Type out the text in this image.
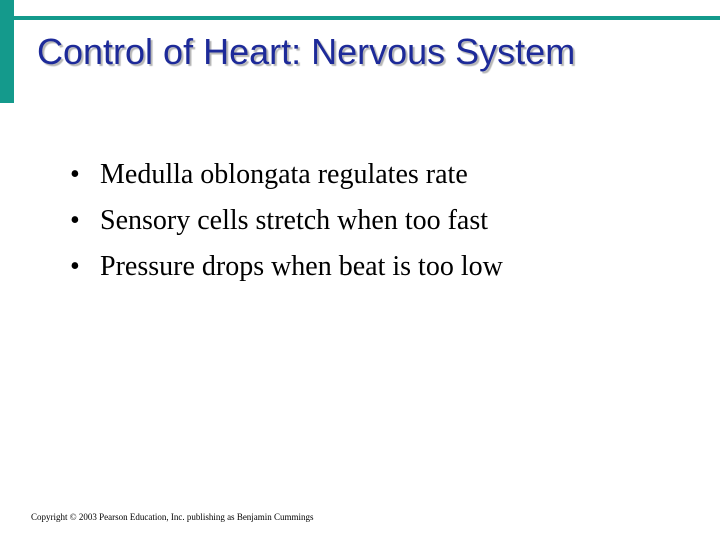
Control of Heart: Nervous System
• Medulla oblongata regulates rate
• Sensory cells stretch when too fast
• Pressure drops when beat is too low
Copyright © 2003 Pearson Education, Inc. publishing as Benjamin Cummings
